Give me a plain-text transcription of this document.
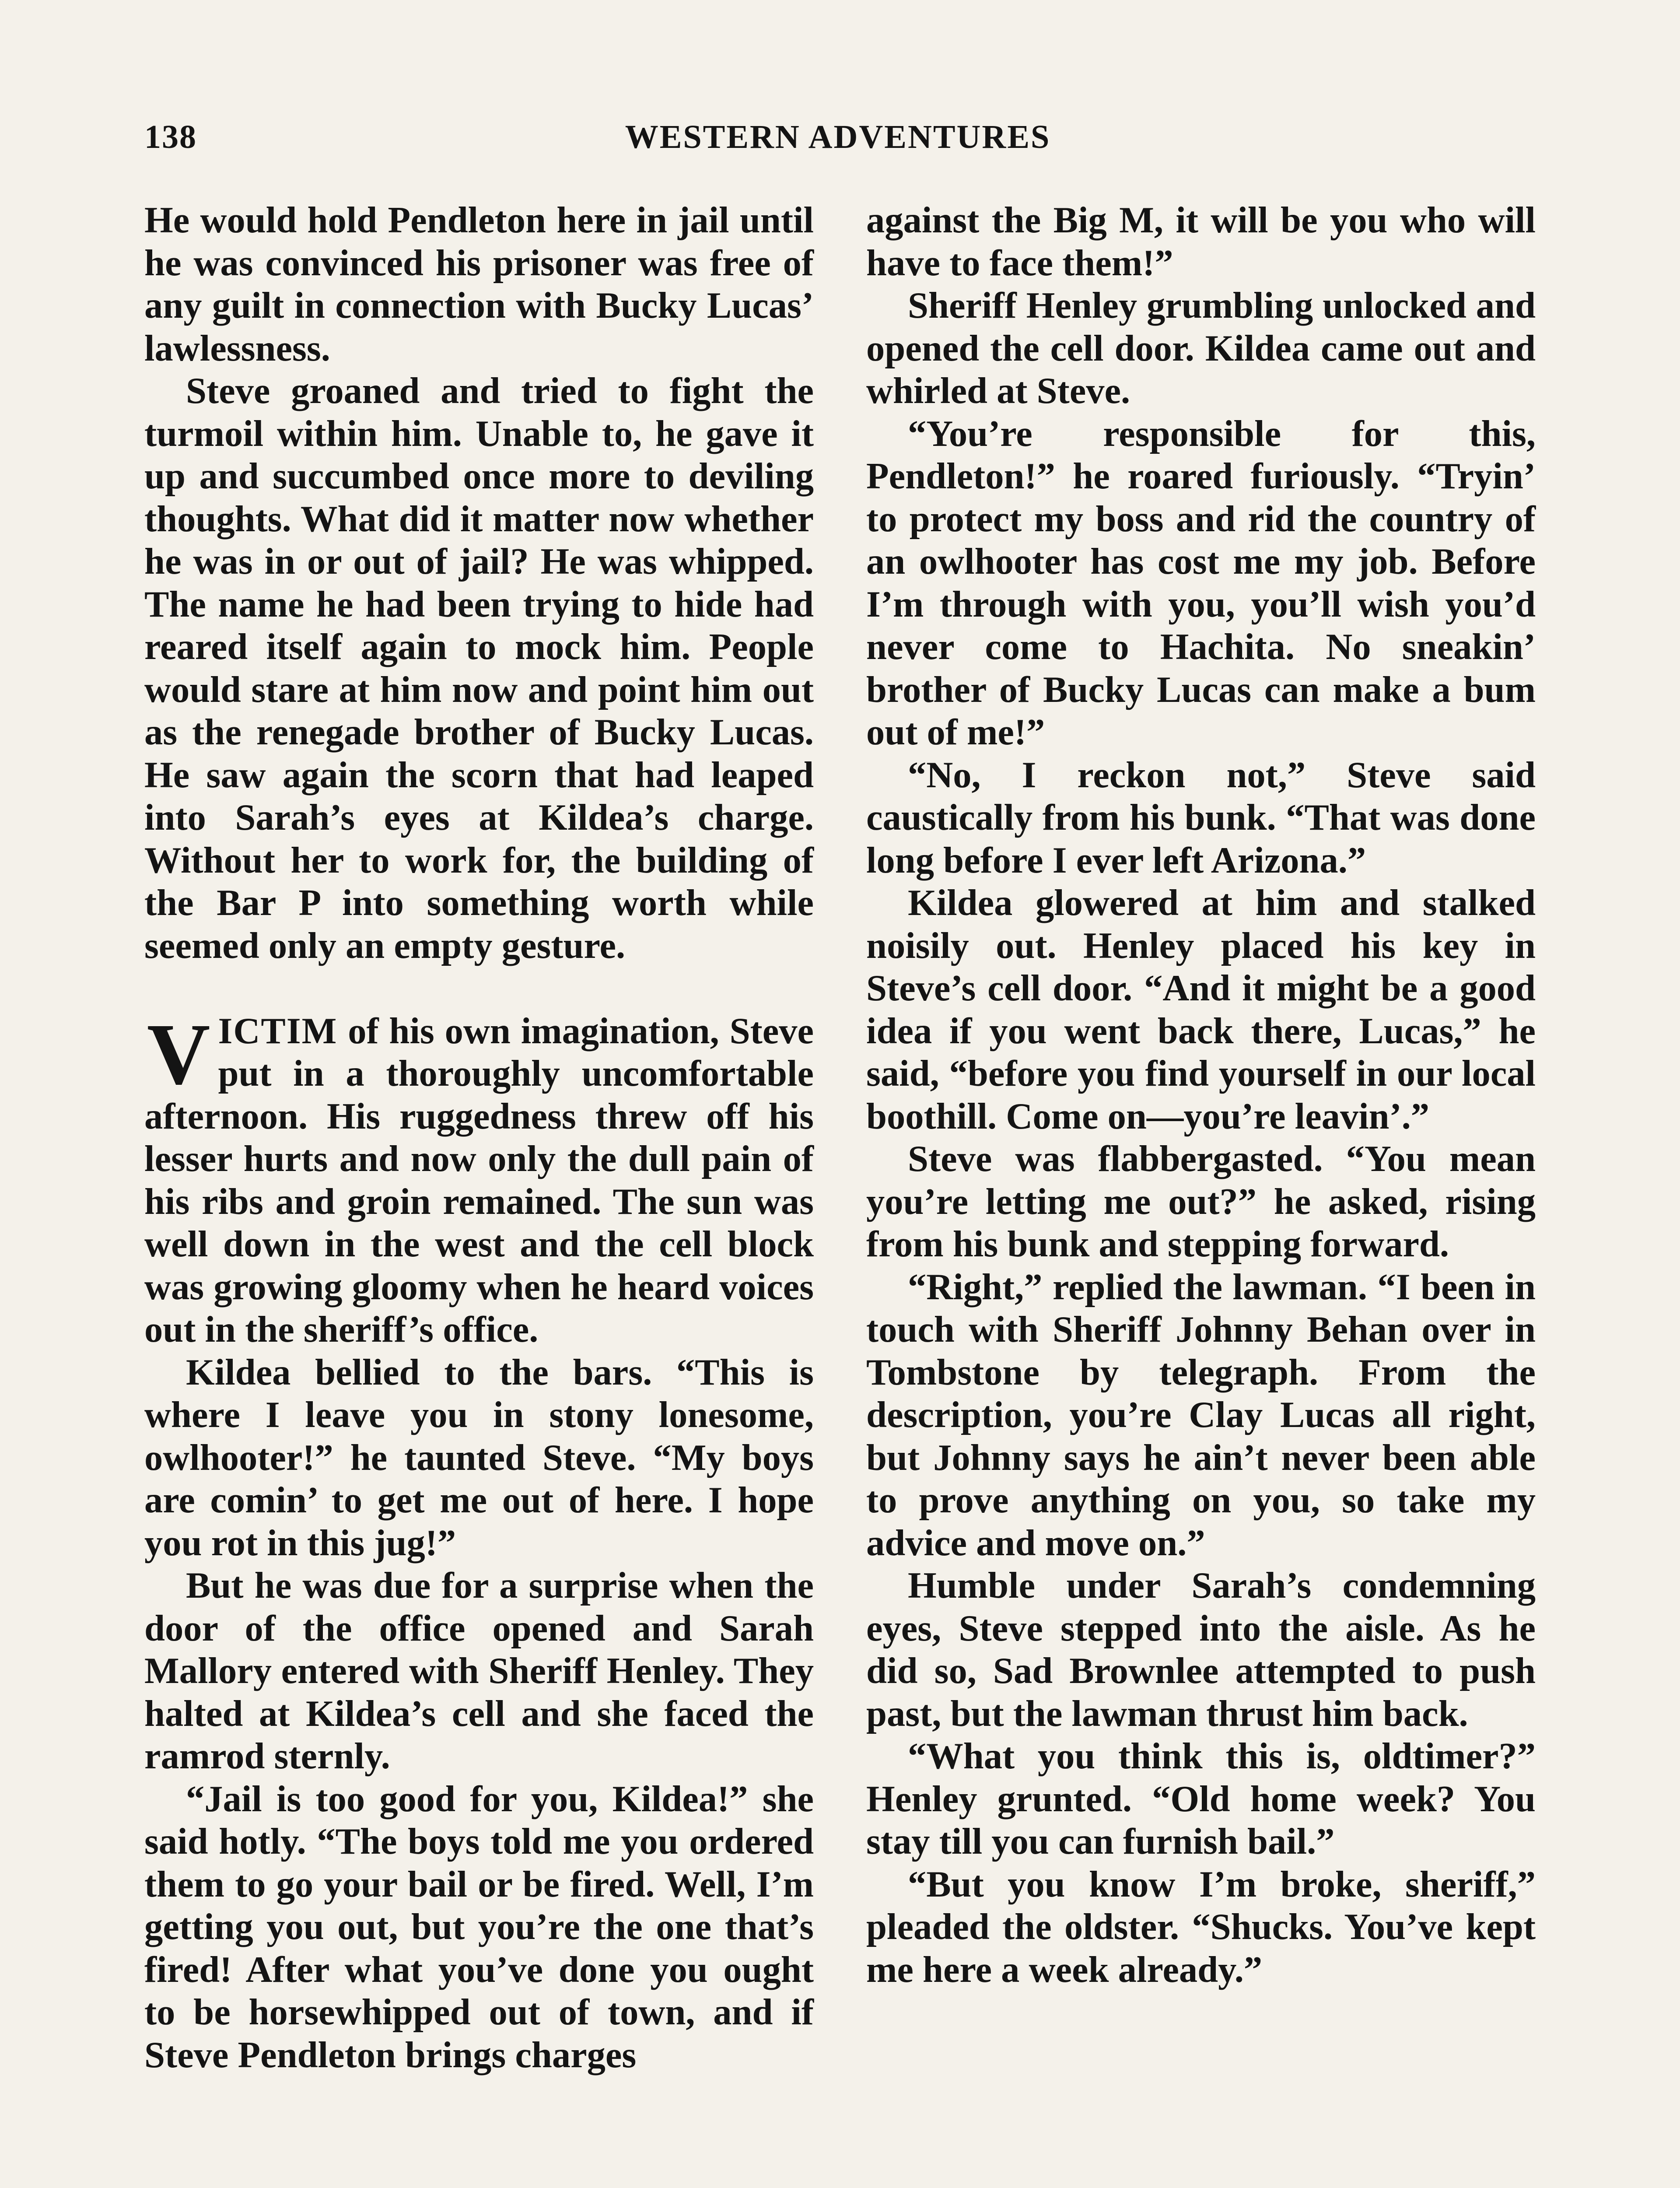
138	WESTERN ADVENTURES

He would hold Pendleton here in jail until he was convinced his prisoner was free of any guilt in connection with Bucky Lucas’ lawlessness.

Steve groaned and tried to fight the turmoil within him. Unable to, he gave it up and succumbed once more to deviling thoughts. What did it matter now whether he was in or out of jail? He was whipped. The name he had been trying to hide had reared itself again to mock him. People would stare at him now and point him out as the renegade brother of Bucky Lucas. He saw again the scorn that had leaped into Sarah’s eyes at Kildea’s charge. Without her to work for, the building of the Bar P into something worth while seemed only an empty gesture.

VICTIM of his own imagination, Steve put in a thoroughly uncomfortable afternoon. His ruggedness threw off his lesser hurts and now only the dull pain of his ribs and groin remained. The sun was well down in the west and the cell block was growing gloomy when he heard voices out in the sheriff’s office.

Kildea bellied to the bars. “This is where I leave you in stony lonesome, owlhooter!” he taunted Steve. “My boys are comin’ to get me out of here. I hope you rot in this jug!”

But he was due for a surprise when the door of the office opened and Sarah Mallory entered with Sheriff Henley. They halted at Kildea’s cell and she faced the ramrod sternly.

“Jail is too good for you, Kildea!” she said hotly. “The boys told me you ordered them to go your bail or be fired. Well, I’m getting you out, but you’re the one that’s fired! After what you’ve done you ought to be horsewhipped out of town, and if Steve Pendleton brings charges

against the Big M, it will be you who will have to face them!”

Sheriff Henley grumbling unlocked and opened the cell door. Kildea came out and whirled at Steve.

“You’re responsible for this, Pendleton!” he roared furiously. “Tryin’ to protect my boss and rid the country of an owlhooter has cost me my job. Before I’m through with you, you’ll wish you’d never come to Hachita. No sneakin’ brother of Bucky Lucas can make a bum out of me!”

“No, I reckon not,” Steve said caustically from his bunk. “That was done long before I ever left Arizona.”

Kildea glowered at him and stalked noisily out. Henley placed his key in Steve’s cell door. “And it might be a good idea if you went back there, Lucas,” he said, “before you find yourself in our local boothill. Come on—you’re leavin’.”

Steve was flabbergasted. “You mean you’re letting me out?” he asked, rising from his bunk and stepping forward.

“Right,” replied the lawman. “I been in touch with Sheriff Johnny Behan over in Tombstone by telegraph. From the description, you’re Clay Lucas all right, but Johnny says he ain’t never been able to prove anything on you, so take my advice and move on.”

Humble under Sarah’s condemning eyes, Steve stepped into the aisle. As he did so, Sad Brownlee attempted to push past, but the lawman thrust him back.

“What you think this is, oldtimer?” Henley grunted. “Old home week? You stay till you can furnish bail.”

“But you know I’m broke, sheriff,” pleaded the oldster. “Shucks. You’ve kept me here a week already.”
